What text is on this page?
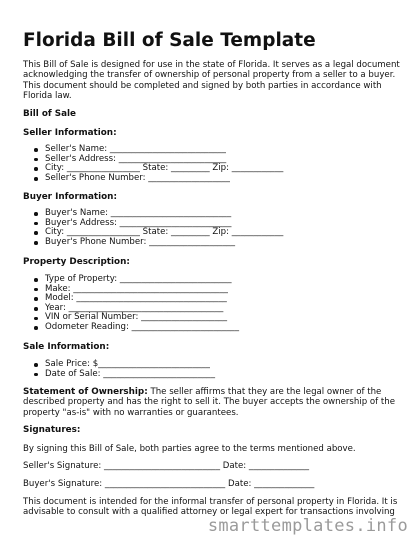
Florida Bill of Sale Template

This Bill of Sale is designed for use in the state of Florida. It serves as a legal document acknowledging the transfer of ownership of personal property from a seller to a buyer. This document should be completed and signed by both parties in accordance with Florida law.

Bill of Sale

Seller Information:

Seller's Name: ___________________________
Seller's Address: _________________________
City: _________________ State: _________ Zip: ____________
Seller's Phone Number: ___________________

Buyer Information:

Buyer's Name: ____________________________
Buyer's Address: __________________________
City: _________________ State: _________ Zip: ____________
Buyer's Phone Number: ____________________

Property Description:

Type of Property: __________________________
Make: ____________________________________
Model: ___________________________________
Year: ____________________________________
VIN or Serial Number: ____________________
Odometer Reading: _________________________

Sale Information:

Sale Price: $__________________________
Date of Sale: __________________________

Statement of Ownership: The seller affirms that they are the legal owner of the described property and has the right to sell it. The buyer accepts the ownership of the property "as-is" with no warranties or guarantees.

Signatures:

By signing this Bill of Sale, both parties agree to the terms mentioned above.

Seller's Signature: ___________________________ Date: ______________

Buyer's Signature: ____________________________ Date: ______________

This document is intended for the informal transfer of personal property in Florida. It is advisable to consult with a qualified attorney or legal expert for transactions involving

smarttemplates.info
